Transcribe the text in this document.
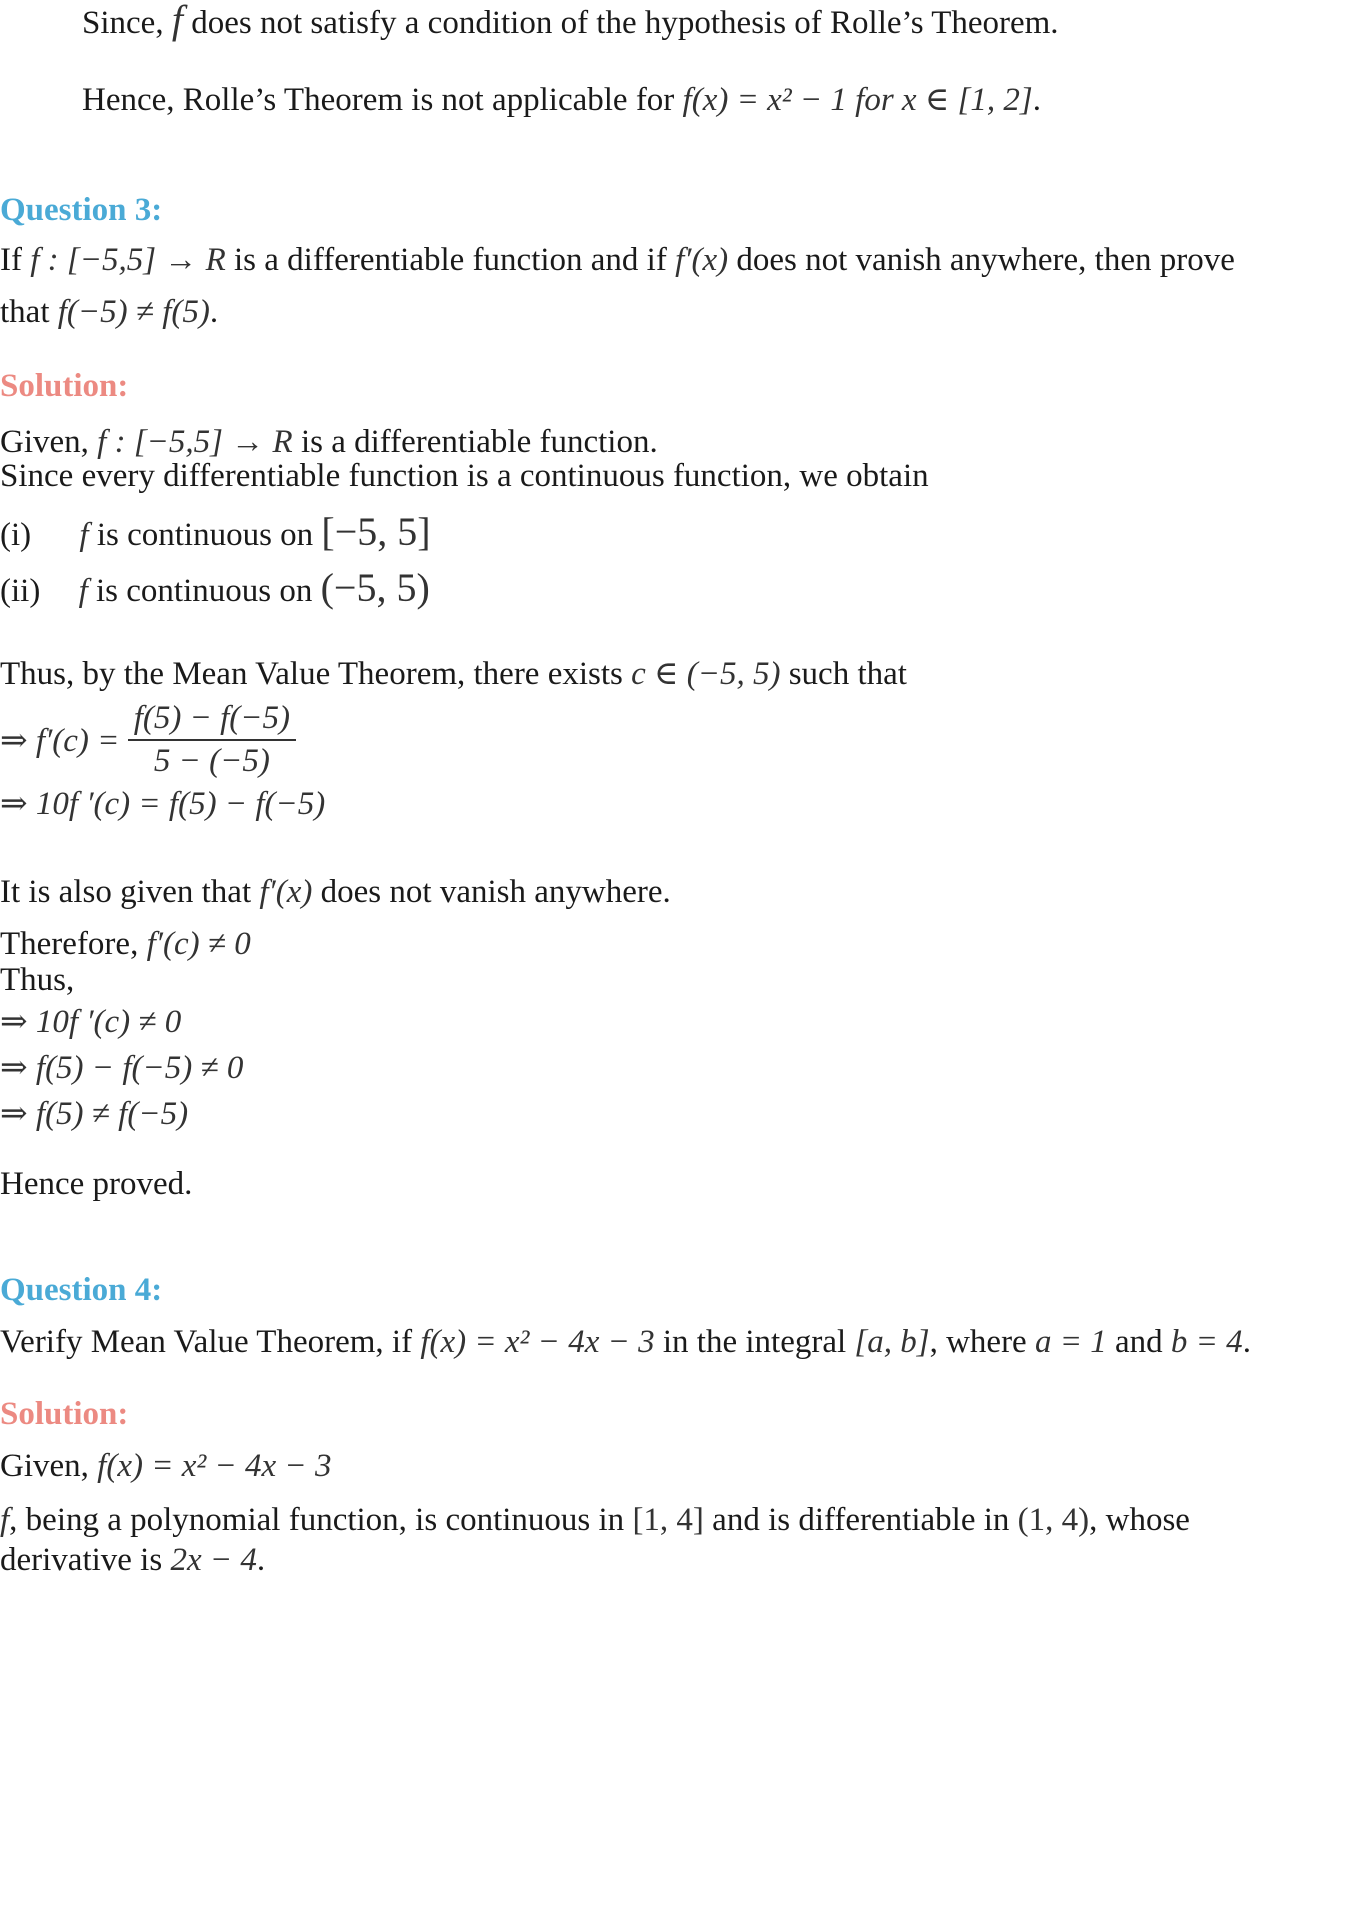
Since, f does not satisfy a condition of the hypothesis of Rolle’s Theorem.
Hence, Rolle’s Theorem is not applicable for f(x) = x² − 1 for x ∈ [1, 2].
Question 3:
If f : [−5,5] → R is a differentiable function and if f′(x) does not vanish anywhere, then prove
that f(−5) ≠ f(5).
Solution:
Given, f : [−5,5] → R is a differentiable function.
Since every differentiable function is a continuous function, we obtain
(i) f is continuous on [−5, 5]
(ii) f is continuous on (−5, 5)
Thus, by the Mean Value Theorem, there exists c ∈ (−5, 5) such that
⇒ $f'(c) = \frac{f(5) - f(-5)}{5 - (-5)}$
⇒ 10f ′(c) = f(5) − f(−5)
It is also given that f′(x) does not vanish anywhere.
Therefore, f′(c) ≠ 0
Thus,
⇒ 10f ′(c) ≠ 0
⇒ f(5) − f(−5) ≠ 0
⇒ f(5) ≠ f(−5)
Hence proved.
Question 4:
Verify Mean Value Theorem, if f(x) = x² − 4x − 3 in the integral [a, b], where a = 1 and b = 4.
Solution:
Given, f(x) = x² − 4x − 3
f, being a polynomial function, is continuous in [1, 4] and is differentiable in (1, 4), whose
derivative is 2x − 4.
